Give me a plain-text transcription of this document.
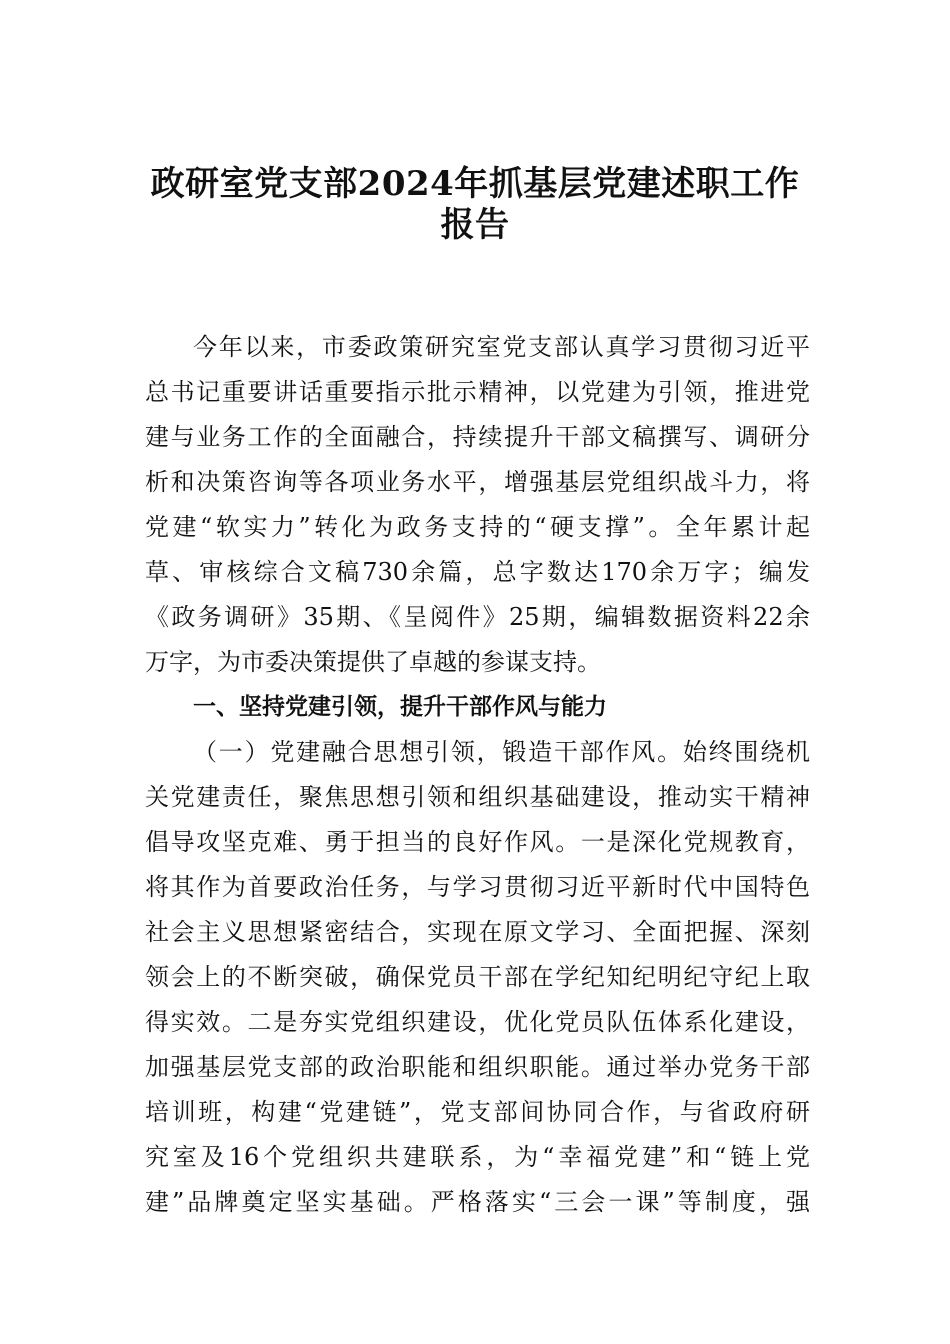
政研室党支部2024年抓基层党建述职工作
报告

今年以来，市委政策研究室党支部认真学习贯彻习近平

总书记重要讲话重要指示批示精神，以党建为引领，推进党

建与业务工作的全面融合，持续提升干部文稿撰写、调研分

析和决策咨询等各项业务水平，增强基层党组织战斗力，将

党建“软实力”转化为政务支持的“硬支撑”。全年累计起

草、审核综合文稿730余篇，总字数达170余万字；编发

《政务调研》35期、《呈阅件》25期，编辑数据资料22余

万字，为市委决策提供了卓越的参谋支持。

一、坚持党建引领，提升干部作风与能力

（一）党建融合思想引领，锻造干部作风。始终围绕机

关党建责任，聚焦思想引领和组织基础建设，推动实干精神

倡导攻坚克难、勇于担当的良好作风。一是深化党规教育，

将其作为首要政治任务，与学习贯彻习近平新时代中国特色

社会主义思想紧密结合，实现在原文学习、全面把握、深刻

领会上的不断突破，确保党员干部在学纪知纪明纪守纪上取

得实效。二是夯实党组织建设，优化党员队伍体系化建设，

加强基层党支部的政治职能和组织职能。通过举办党务干部

培训班，构建“党建链”，党支部间协同合作，与省政府研

究室及16个党组织共建联系，为“幸福党建”和“链上党

建”品牌奠定坚实基础。严格落实“三会一课”等制度，强
